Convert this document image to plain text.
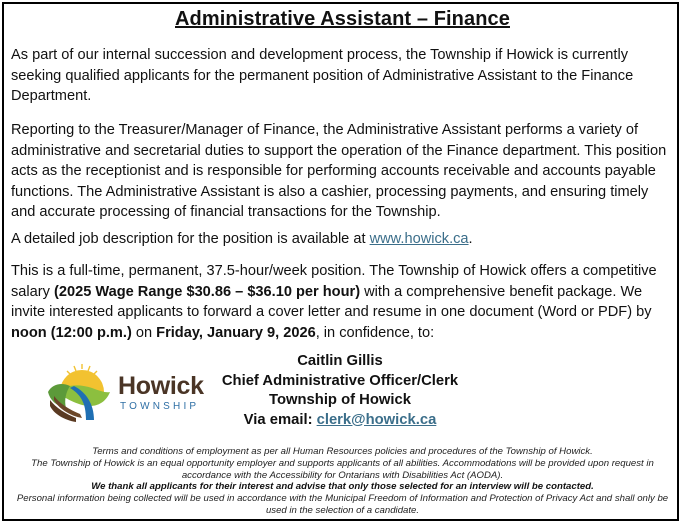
Administrative Assistant – Finance
As part of our internal succession and development process, the Township if Howick is currently seeking qualified applicants for the permanent position of Administrative Assistant to the Finance Department.
Reporting to the Treasurer/Manager of Finance, the Administrative Assistant performs a variety of administrative and secretarial duties to support the operation of the Finance department. This position acts as the receptionist and is responsible for performing accounts receivable and accounts payable functions. The Administrative Assistant is also a cashier, processing payments, and ensuring timely and accurate processing of financial transactions for the Township.
A detailed job description for the position is available at www.howick.ca.
This is a full-time, permanent, 37.5-hour/week position. The Township of Howick offers a competitive salary (2025 Wage Range $30.86 – $36.10 per hour) with a comprehensive benefit package. We invite interested applicants to forward a cover letter and resume in one document (Word or PDF) by noon (12:00 p.m.) on Friday, January 9, 2026, in confidence, to:
Howick
TOWNSHIP
Caitlin Gillis
Chief Administrative Officer/Clerk
Township of Howick
Via email: clerk@howick.ca
Terms and conditions of employment as per all Human Resources policies and procedures of the Township of Howick.
The Township of Howick is an equal opportunity employer and supports applicants of all abilities. Accommodations will be provided upon request in accordance with the Accessibility for Ontarians with Disabilities Act (AODA).
We thank all applicants for their interest and advise that only those selected for an interview will be contacted.
Personal information being collected will be used in accordance with the Municipal Freedom of Information and Protection of Privacy Act and shall only be used in the selection of a candidate.
